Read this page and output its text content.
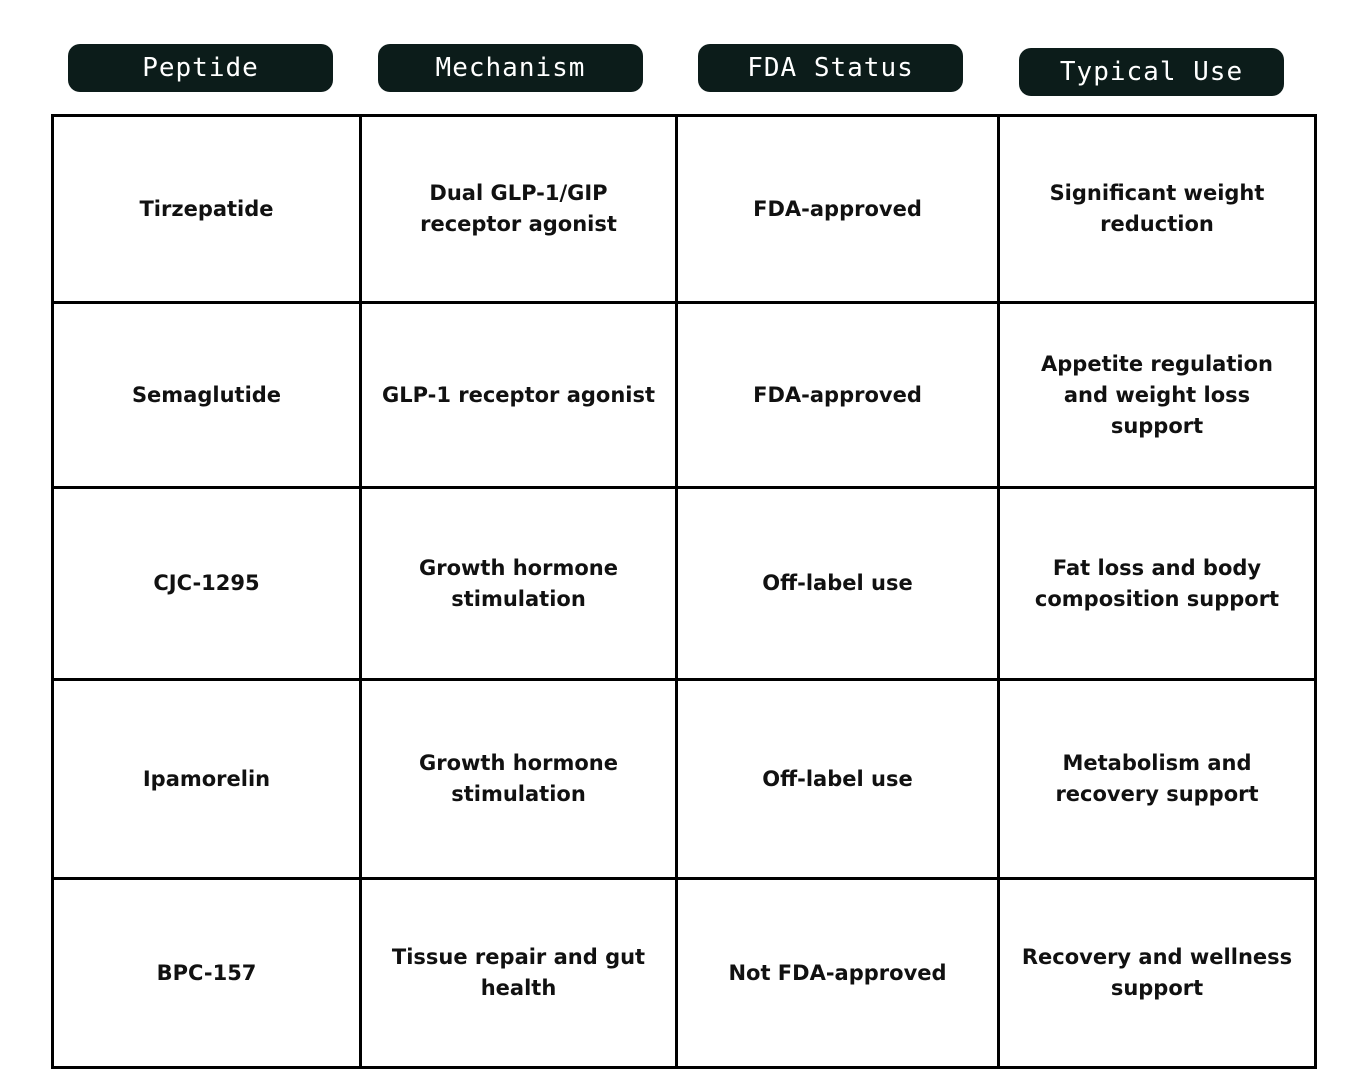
Peptide	Mechanism	FDA Status	Typical Use
Tirzepatide	Dual GLP-1/GIP receptor agonist	FDA-approved	Significant weight reduction
Semaglutide	GLP-1 receptor agonist	FDA-approved	Appetite regulation and weight loss support
CJC-1295	Growth hormone stimulation	Off-label use	Fat loss and body composition support
Ipamorelin	Growth hormone stimulation	Off-label use	Metabolism and recovery support
BPC-157	Tissue repair and gut health	Not FDA-approved	Recovery and wellness support
